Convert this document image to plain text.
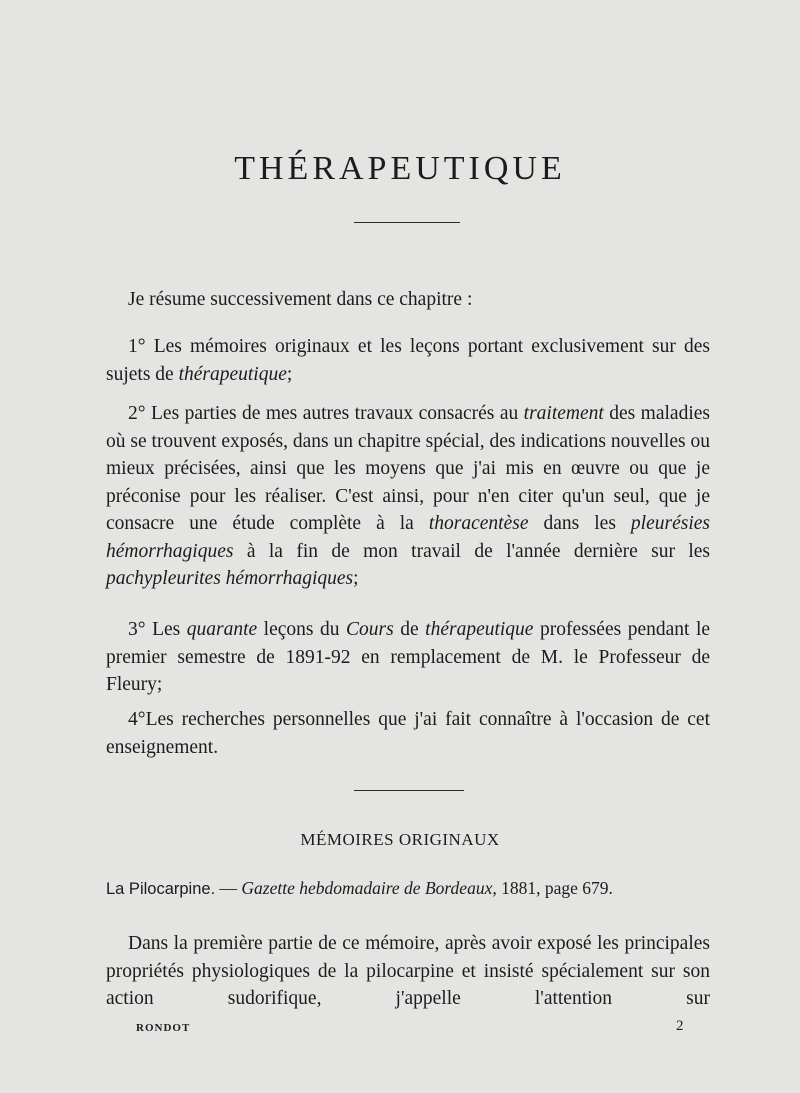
THÉRAPEUTIQUE

Je résume successivement dans ce chapitre :

1° Les mémoires originaux et les leçons portant exclusivement sur des sujets de thérapeutique;

2° Les parties de mes autres travaux consacrés au traitement des maladies où se trouvent exposés, dans un chapitre spécial, des indications nouvelles ou mieux précisées, ainsi que les moyens que j'ai mis en œuvre ou que je préconise pour les réaliser. C'est ainsi, pour n'en citer qu'un seul, que je consacre une étude complète à la thoracentèse dans les pleurésies hémorrhagiques à la fin de mon travail de l'année dernière sur les pachypleurites hémorrhagiques;

3° Les quarante leçons du Cours de thérapeutique professées pendant le premier semestre de 1891-92 en remplacement de M. le Professeur de Fleury;

4°Les recherches personnelles que j'ai fait connaître à l'occasion de cet enseignement.

MÉMOIRES ORIGINAUX
La Pilocarpine. — Gazette hebdomadaire de Bordeaux, 1881, page 679.

Dans la première partie de ce mémoire, après avoir exposé les principales propriétés physiologiques de la pilocarpine et insisté spécialement sur son action sudorifique, j'appelle l'attention sur

RONDOT	2
